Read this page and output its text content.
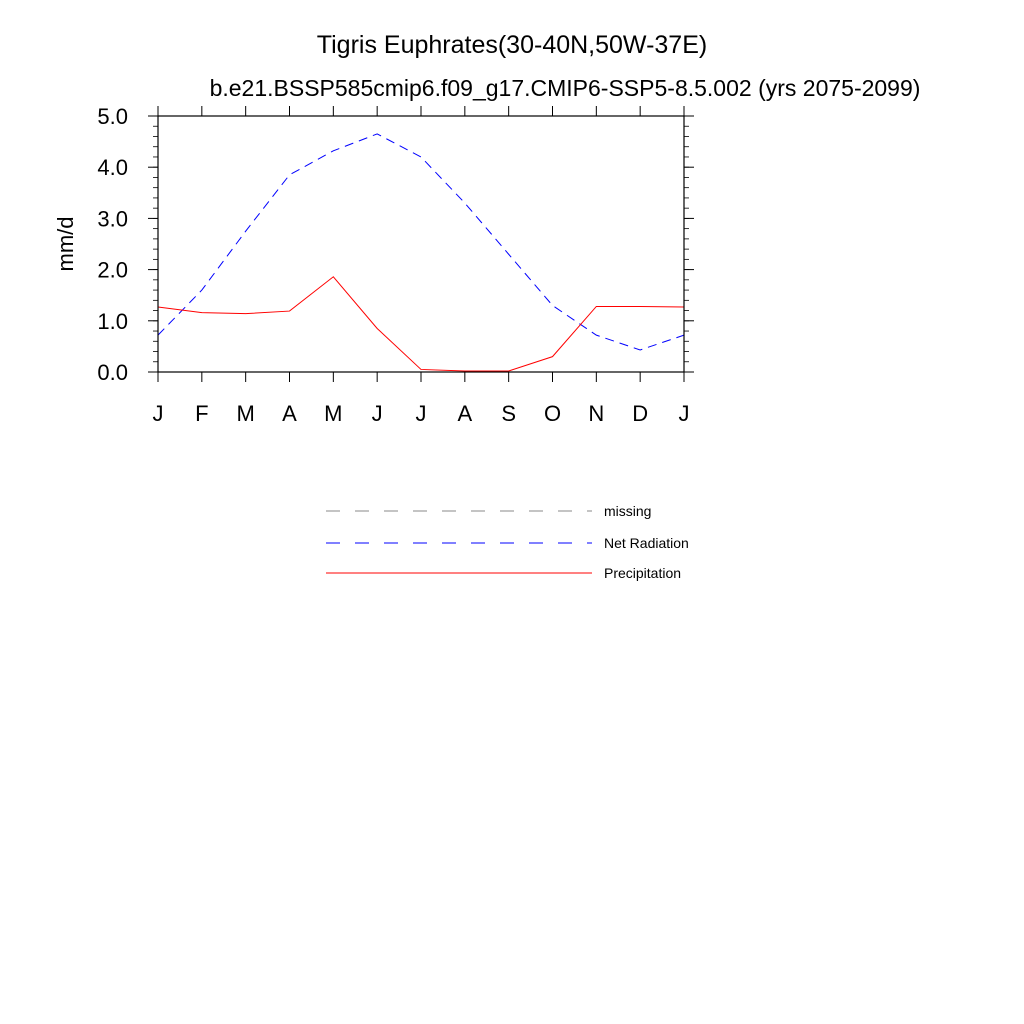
Tigris Euphrates(30-40N,50W-37E)
b.e21.BSSP585cmip6.f09_g17.CMIP6-SSP5-8.5.002 (yrs 2075-2099)
mm/d
0.0
1.0
2.0
3.0
4.0
5.0
J F M A M J J A S O N D J
missing
Net Radiation
Precipitation
